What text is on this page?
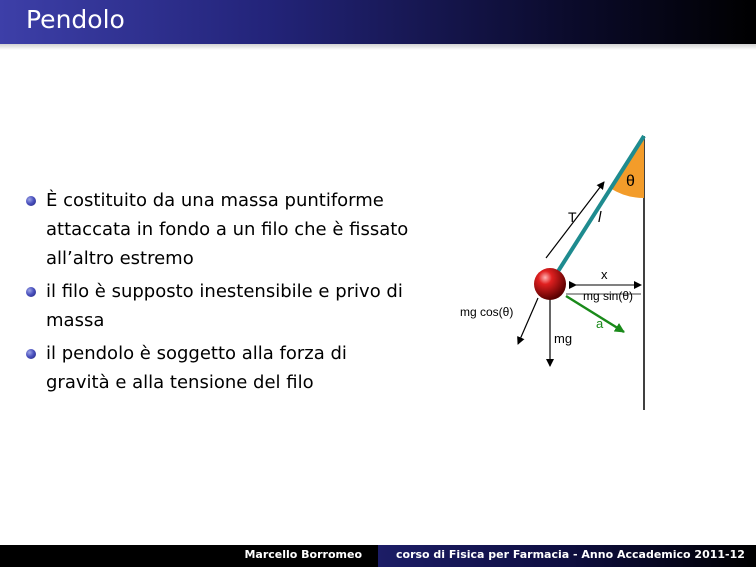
Pendolo
È costituito da una massa puntiforme attaccata in fondo a un filo che è fissato all’altro estremo
il filo è supposto inestensibile e privo di massa
il pendolo è soggetto alla forza di gravità e alla tensione del filo
θ
T l
x
mg sin(θ)
a
mg cos(θ)
mg
Marcello Borromeo	corso di Fisica per Farmacia - Anno Accademico 2011-12
